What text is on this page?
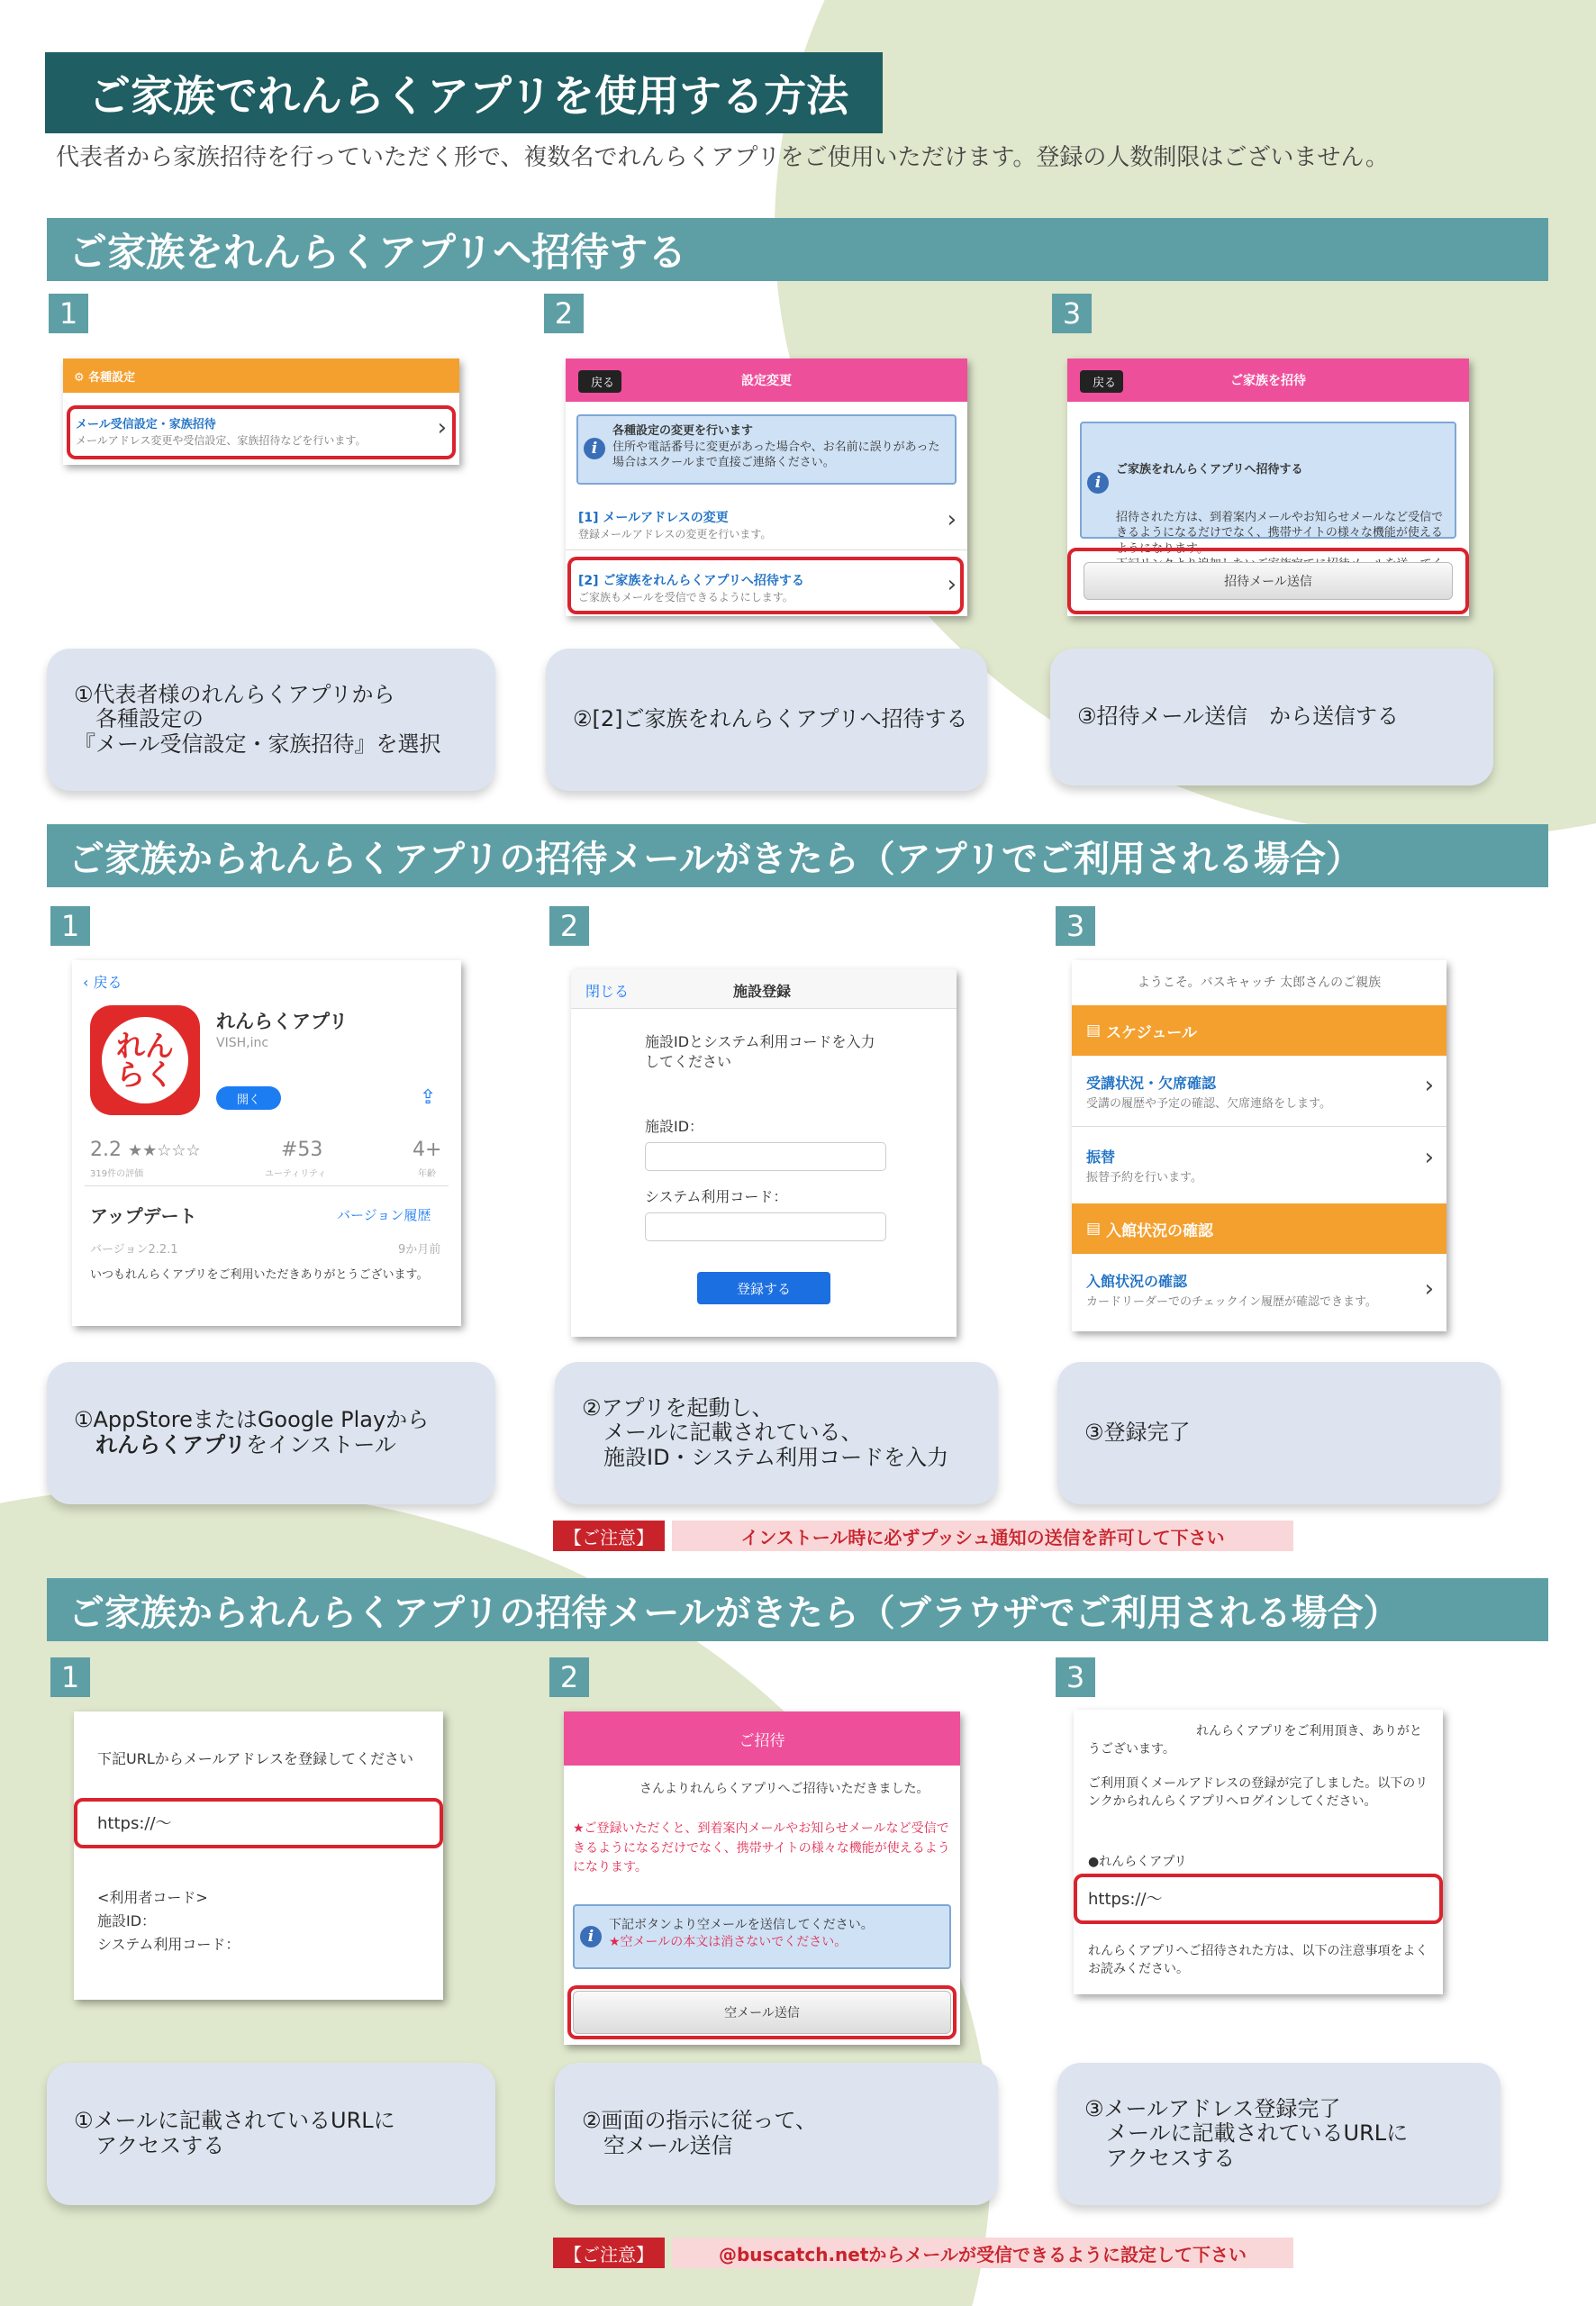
ご家族でれんらくアプリを使用する方法
代表者から家族招待を行っていただく形で、複数名でれんらくアプリをご使用いただけます。登録の人数制限はございません。
ご家族をれんらくアプリへ招待する
1	2	3
⚙ 各種設定
メール受信設定・家族招待
メールアドレス変更や受信設定、家族招待などを行います。	›
設定変更
戻る
各種設定の変更を行います
住所や電話番号に変更があった場合や、お名前に誤りがあった場合はスクールまで直接ご連絡ください。
i
[1] メールアドレスの変更
登録メールアドレスの変更を行います。
›
[2] ご家族をれんらくアプリへ招待する
ご家族もメールを受信できるようにします。	›
ご家族を招待
戻る

ご家族をれんらくアプリへ招待する

招待された方は、到着案内メールやお知らせメールなど受信できるようになるだけでなく、携帯サイトの様々な機能が使えるようになります。

i
招待メール送信
①代表者様のれんらくアプリから
　各種設定の
『メール受信設定・家族招待』を選択
②[2]ご家族をれんらくアプリへ招待する	③招待メール送信　から送信する
ご家族かられんらくアプリの招待メールがきたら（アプリでご利用される場合）
1	2	3
‹ 戻る
れん
らく
れんらくアプリ
VISH,inc
開く	⇪
2.2 ★★☆☆☆
319件の評価
#53
ユーティリティ
4+
年齢
アップデート	バージョン履歴
バージョン2.2.1	9か月前
いつもれんらくアプリをご利用いただきありがとうございます。
閉じる	施設登録
施設IDとシステム利用コードを入力してください
施設ID：
システム利用コード：
登録する
ようこそ。バスキャッチ 太郎さんのご親族
▤ スケジュール
受講状況・欠席確認
受講の履歴や予定の確認、欠席連絡をします。
›
振替
振替予約を行います。
›
▤ 入館状況の確認
入館状況の確認
カードリーダーでのチェックイン履歴が確認できます。	›
①AppStoreまたはGoogle Playから
　れんらくアプリをインストール
②アプリを起動し、
　メールに記載されている、
　施設ID・システム利用コードを入力
③登録完了
【ご注意】	インストール時に必ずプッシュ通知の送信を許可して下さい
ご家族かられんらくアプリの招待メールがきたら（ブラウザでご利用される場合）
1	2	3
下記URLからメールアドレスを登録してください
https://〜
<利用者コード>
施設ID：
システム利用コード：
ご招待
さんよりれんらくアプリへご招待いただきました。
★ご登録いただくと、到着案内メールやお知らせメールなど受信できるようになるだけでなく、携帯サイトの様々な機能が使えるようになります。
下記ボタンより空メールを送信してください。
★空メールの本文は消さないでください。
i
空メール送信
れんらくアプリをご利用頂き、ありがとうございます。
ご利用頂くメールアドレスの登録が完了しました。以下のリンクかられんらくアプリへログインしてください。
●れんらくアプリ
https://〜
れんらくアプリへご招待された方は、以下の注意事項をよくお読みください。
①メールに記載されているURLに
　アクセスする
②画面の指示に従って、
　空メール送信
③メールアドレス登録完了
　メールに記載されているURLに
　アクセスする
【ご注意】	@buscatch.netからメールが受信できるように設定して下さい
